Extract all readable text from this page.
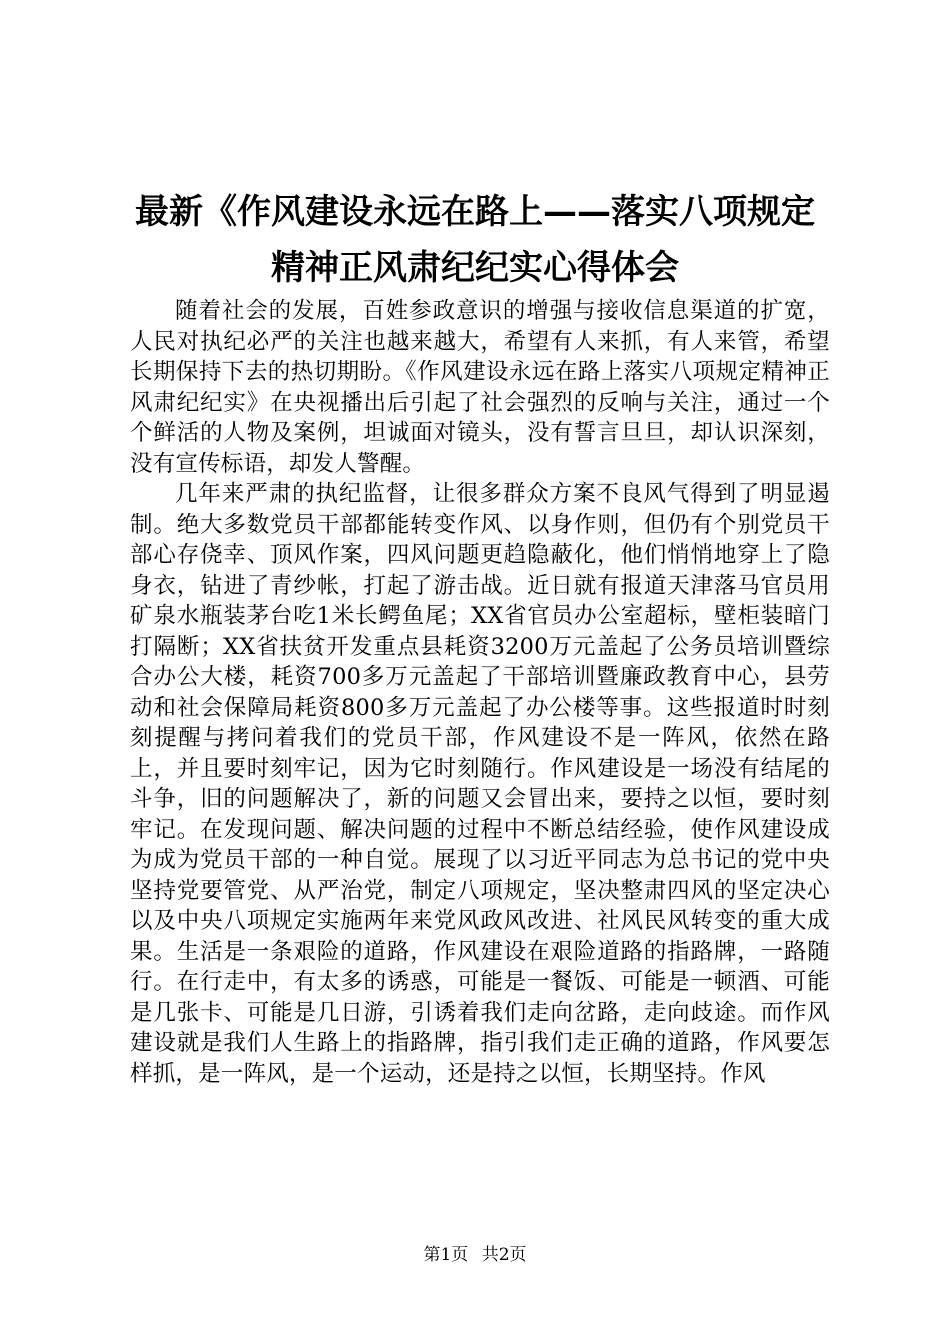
最新《作风建设永远在路上——落实八项规定
精神正风肃纪纪实心得体会

随着社会的发展，百姓参政意识的增强与接收信息渠道的扩宽，人民对执纪必严的关注也越来越大，希望有人来抓，有人来管，希望长期保持下去的热切期盼。《作风建设永远在路上落实八项规定精神正风肃纪纪实》在央视播出后引起了社会强烈的反响与关注，通过一个个鲜活的人物及案例，坦诚面对镜头，没有誓言旦旦，却认识深刻，没有宣传标语，却发人警醒。

几年来严肃的执纪监督，让很多群众方案不良风气得到了明显遏制。绝大多数党员干部都能转变作风、以身作则，但仍有个别党员干部心存侥幸、顶风作案，四风问题更趋隐蔽化，他们悄悄地穿上了隐身衣，钻进了青纱帐，打起了游击战。近日就有报道天津落马官员用矿泉水瓶装茅台吃1米长鳄鱼尾；XX省官员办公室超标，壁柜装暗门打隔断；XX省扶贫开发重点县耗资3200万元盖起了公务员培训暨综合办公大楼，耗资700多万元盖起了干部培训暨廉政教育中心，县劳动和社会保障局耗资800多万元盖起了办公楼等事。这些报道时时刻刻提醒与拷问着我们的党员干部，作风建设不是一阵风，依然在路上，并且要时刻牢记，因为它时刻随行。作风建设是一场没有结尾的斗争，旧的问题解决了，新的问题又会冒出来，要持之以恒，要时刻牢记。在发现问题、解决问题的过程中不断总结经验，使作风建设成为成为党员干部的一种自觉。展现了以习近平同志为总书记的党中央坚持党要管党、从严治党，制定八项规定，坚决整肃四风的坚定决心以及中央八项规定实施两年来党风政风改进、社风民风转变的重大成果。生活是一条艰险的道路，作风建设在艰险道路的指路牌，一路随行。在行走中，有太多的诱惑，可能是一餐饭、可能是一顿酒、可能是几张卡、可能是几日游，引诱着我们走向岔路，走向歧途。而作风建设就是我们人生路上的指路牌，指引我们走正确的道路，作风要怎样抓，是一阵风，是一个运动，还是持之以恒，长期坚持。作风

第1页 共2页
